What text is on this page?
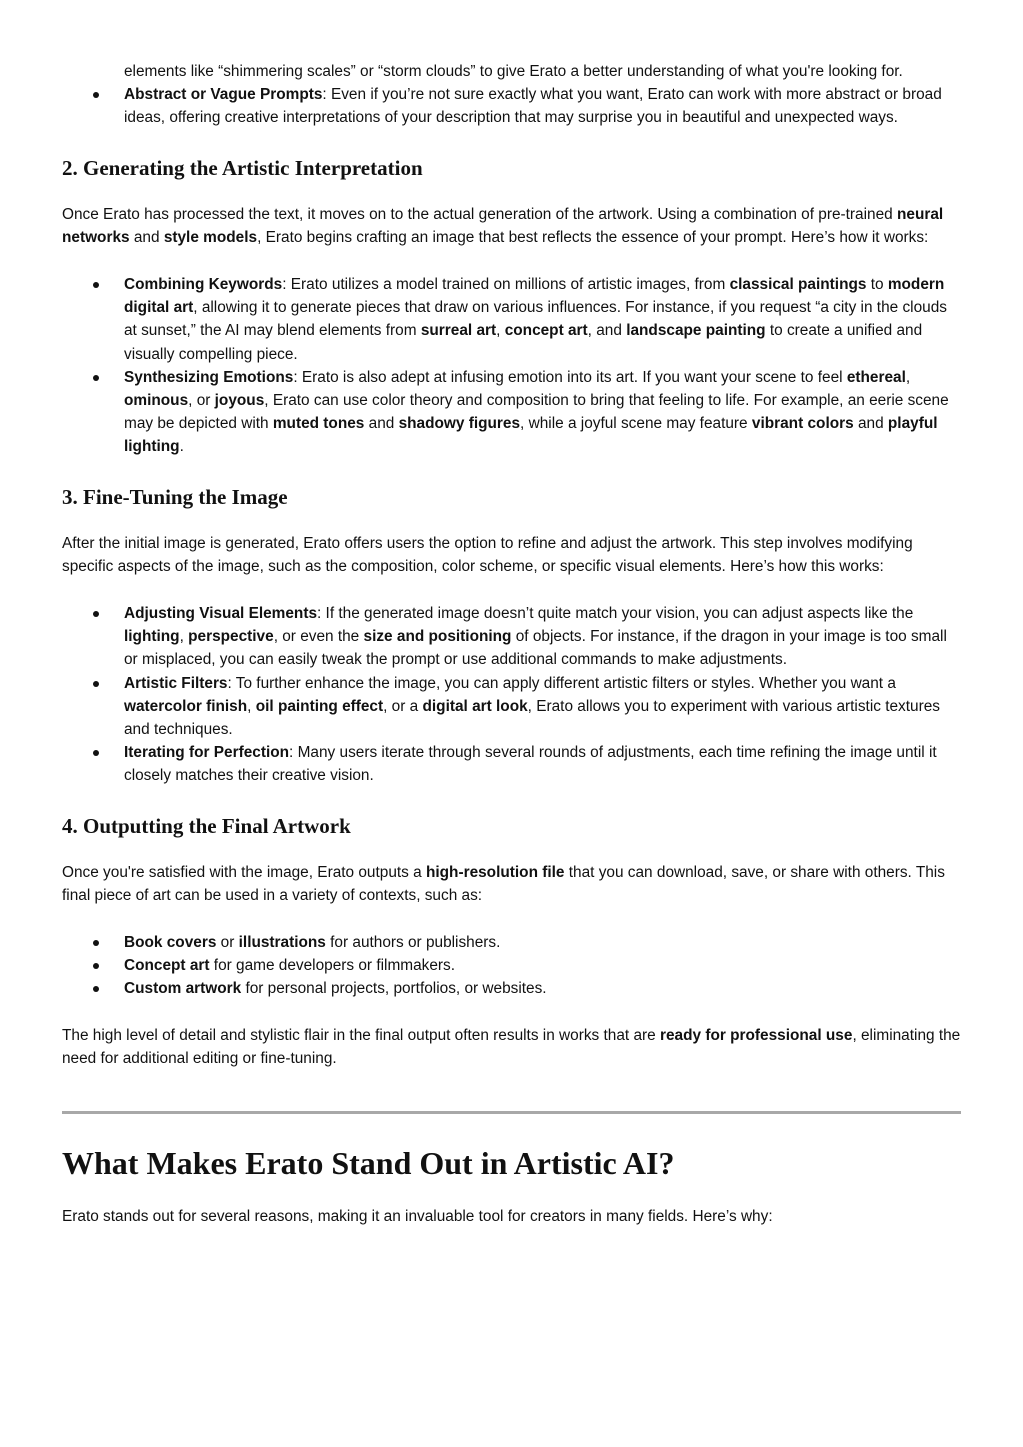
elements like “shimmering scales” or “storm clouds” to give Erato a better understanding of what you're looking for.
Abstract or Vague Prompts: Even if you’re not sure exactly what you want, Erato can work with more abstract or broad ideas, offering creative interpretations of your description that may surprise you in beautiful and unexpected ways.
2. Generating the Artistic Interpretation

Once Erato has processed the text, it moves on to the actual generation of the artwork. Using a combination of pre-trained neural networks and style models, Erato begins crafting an image that best reflects the essence of your prompt. Here’s how it works:

Combining Keywords: Erato utilizes a model trained on millions of artistic images, from classical paintings to modern digital art, allowing it to generate pieces that draw on various influences. For instance, if you request “a city in the clouds at sunset,” the AI may blend elements from surreal art, concept art, and landscape painting to create a unified and visually compelling piece.
Synthesizing Emotions: Erato is also adept at infusing emotion into its art. If you want your scene to feel ethereal, ominous, or joyous, Erato can use color theory and composition to bring that feeling to life. For example, an eerie scene may be depicted with muted tones and shadowy figures, while a joyful scene may feature vibrant colors and playful lighting.
3. Fine-Tuning the Image

After the initial image is generated, Erato offers users the option to refine and adjust the artwork. This step involves modifying specific aspects of the image, such as the composition, color scheme, or specific visual elements. Here’s how this works:

Adjusting Visual Elements: If the generated image doesn’t quite match your vision, you can adjust aspects like the lighting, perspective, or even the size and positioning of objects. For instance, if the dragon in your image is too small or misplaced, you can easily tweak the prompt or use additional commands to make adjustments.
Artistic Filters: To further enhance the image, you can apply different artistic filters or styles. Whether you want a watercolor finish, oil painting effect, or a digital art look, Erato allows you to experiment with various artistic textures and techniques.
Iterating for Perfection: Many users iterate through several rounds of adjustments, each time refining the image until it closely matches their creative vision.
4. Outputting the Final Artwork

Once you're satisfied with the image, Erato outputs a high-resolution file that you can download, save, or share with others. This final piece of art can be used in a variety of contexts, such as:

Book covers or illustrations for authors or publishers.
Concept art for game developers or filmmakers.
Custom artwork for personal projects, portfolios, or websites.

The high level of detail and stylistic flair in the final output often results in works that are ready for professional use, eliminating the need for additional editing or fine-tuning.

What Makes Erato Stand Out in Artistic AI?

Erato stands out for several reasons, making it an invaluable tool for creators in many fields. Here’s why:
